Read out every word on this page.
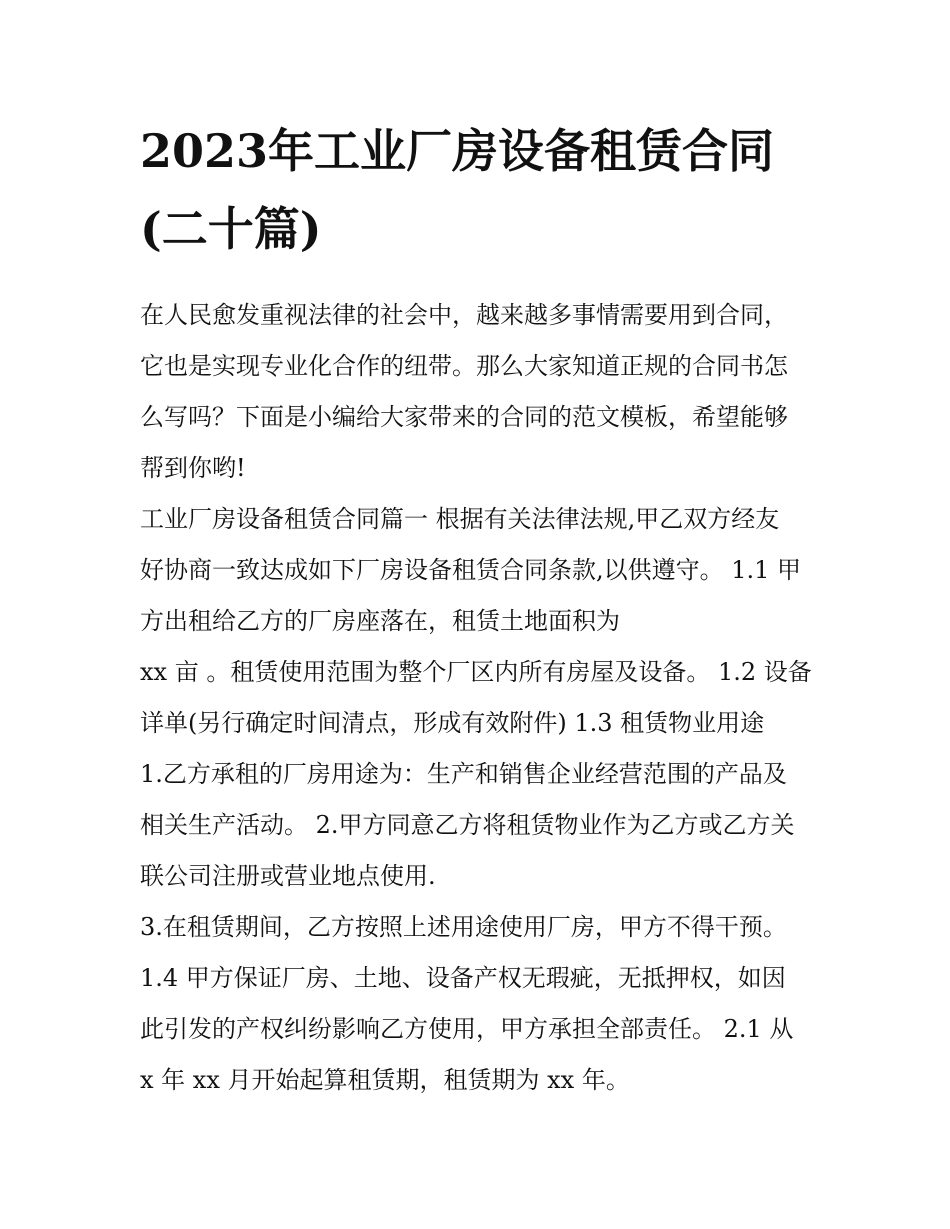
2023年工业厂房设备租赁合同
(二十篇)

在人民愈发重视法律的社会中，越来越多事情需要用到合同，
它也是实现专业化合作的纽带。那么大家知道正规的合同书怎
么写吗？下面是小编给大家带来的合同的范文模板，希望能够
帮到你哟!

工业厂房设备租赁合同篇一 根据有关法律法规,甲乙双方经友
好协商一致达成如下厂房设备租赁合同条款,以供遵守。 1.1 甲
方出租给乙方的厂房座落在，租赁土地面积为
xx 亩 。租赁使用范围为整个厂区内所有房屋及设备。 1.2 设备
详单(另行确定时间清点，形成有效附件) 1.3 租赁物业用途
1.乙方承租的厂房用途为：生产和销售企业经营范围的产品及
相关生产活动。 2.甲方同意乙方将租赁物业作为乙方或乙方关
联公司注册或营业地点使用.

3.在租赁期间，乙方按照上述用途使用厂房，甲方不得干预。
1.4 甲方保证厂房、土地、设备产权无瑕疵，无抵押权，如因
此引发的产权纠纷影响乙方使用，甲方承担全部责任。 2.1 从
x 年 xx 月开始起算租赁期，租赁期为 xx 年。
